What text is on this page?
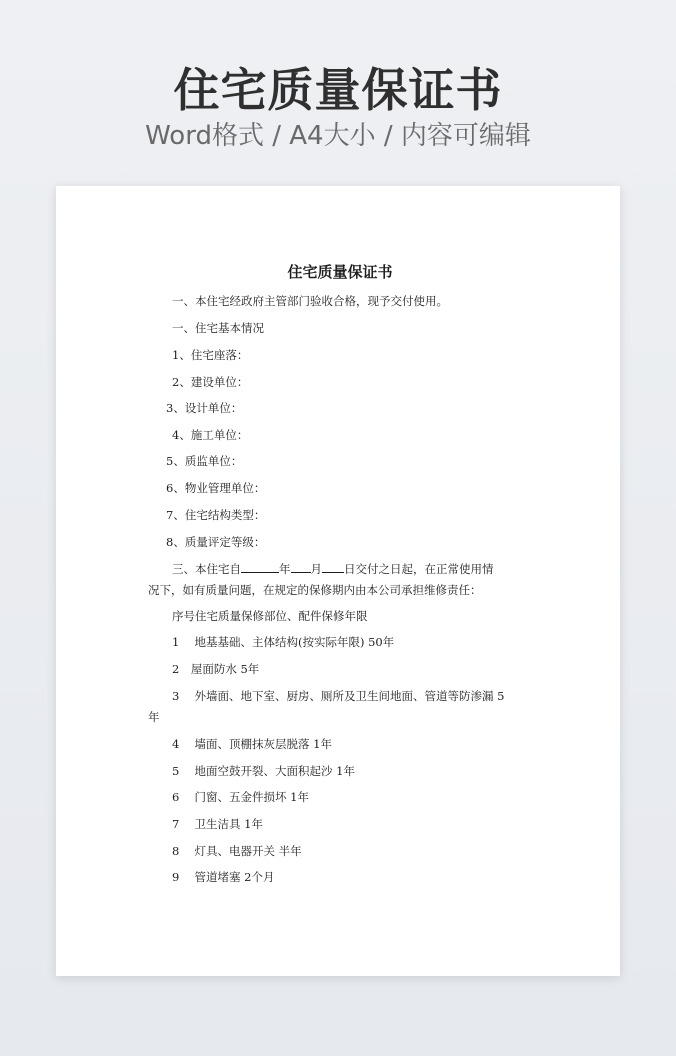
住宅质量保证书
Word格式 / A4大小 / 内容可编辑
住宅质量保证书
一、本住宅经政府主管部门验收合格，现予交付使用。
一、住宅基本情况
1、住宅座落：
2、建设单位：
3、设计单位：
4、施工单位：
5、质监单位：
6、物业管理单位：
7、住宅结构类型：
8、质量评定等级：
三、本住宅自	年 月 日交付之日起，在正常使用情
况下，如有质量问题，在规定的保修期内由本公司承担维修责任：
序号住宅质量保修部位、配件保修年限
1　 地基基础、主体结构(按实际年限) 50年
2　屋面防水 5年
3　 外墙面、地下室、厨房、厕所及卫生间地面、管道等防渗漏 5
年
4　 墙面、顶棚抹灰层脱落 1年
5　 地面空鼓开裂、大面积起沙 1年
6　 门窗、五金件损坏 1年
7　 卫生洁具 1年
8　 灯具、电器开关 半年
9　 管道堵塞 2个月
